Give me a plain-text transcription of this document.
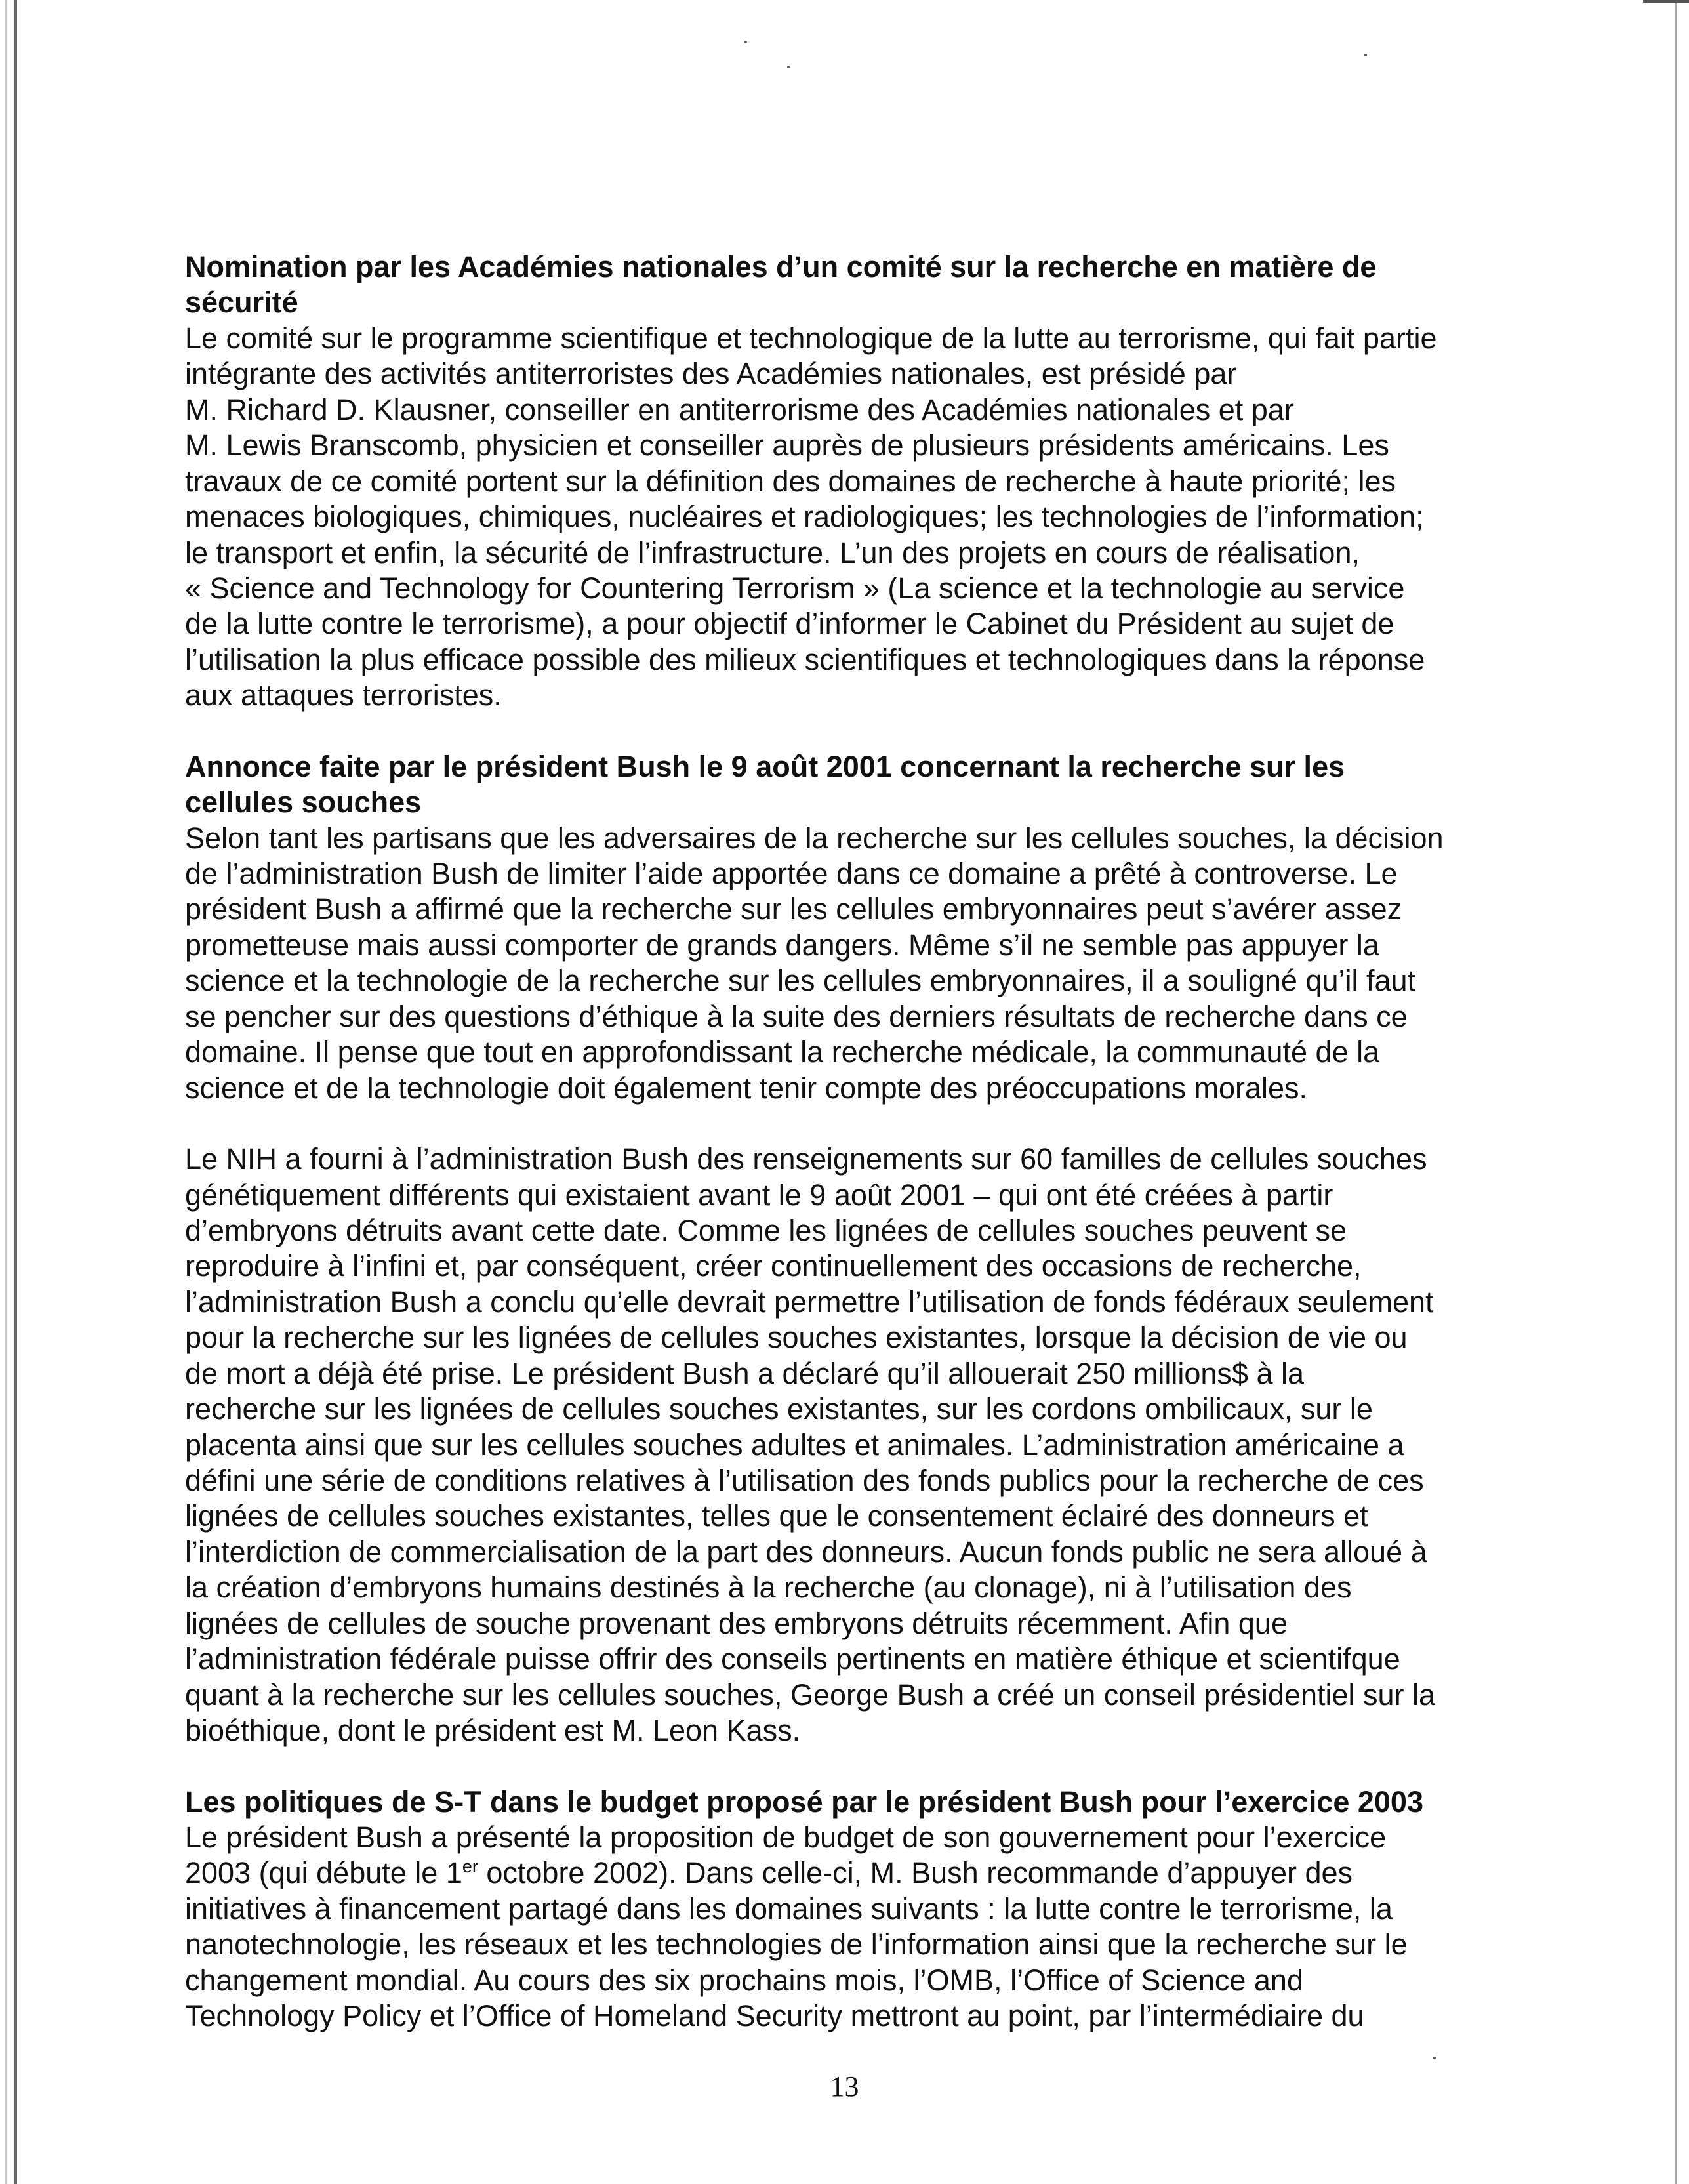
Nomination par les Académies nationales d’un comité sur la recherche en matière de
sécurité
Le comité sur le programme scientifique et technologique de la lutte au terrorisme, qui fait partie
intégrante des activités antiterroristes des Académies nationales, est présidé par
M. Richard D. Klausner, conseiller en antiterrorisme des Académies nationales et par
M. Lewis Branscomb, physicien et conseiller auprès de plusieurs présidents américains. Les
travaux de ce comité portent sur la définition des domaines de recherche à haute priorité; les
menaces biologiques, chimiques, nucléaires et radiologiques; les technologies de l’information;
le transport et enfin, la sécurité de l’infrastructure. L’un des projets en cours de réalisation,
« Science and Technology for Countering Terrorism » (La science et la technologie au service
de la lutte contre le terrorisme), a pour objectif d’informer le Cabinet du Président au sujet de
l’utilisation la plus efficace possible des milieux scientifiques et technologiques dans la réponse
aux attaques terroristes.
Annonce faite par le président Bush le 9 août 2001 concernant la recherche sur les
cellules souches
Selon tant les partisans que les adversaires de la recherche sur les cellules souches, la décision
de l’administration Bush de limiter l’aide apportée dans ce domaine a prêté à controverse. Le
président Bush a affirmé que la recherche sur les cellules embryonnaires peut s’avérer assez
prometteuse mais aussi comporter de grands dangers. Même s’il ne semble pas appuyer la
science et la technologie de la recherche sur les cellules embryonnaires, il a souligné qu’il faut
se pencher sur des questions d’éthique à la suite des derniers résultats de recherche dans ce
domaine. Il pense que tout en approfondissant la recherche médicale, la communauté de la
science et de la technologie doit également tenir compte des préoccupations morales.
Le NIH a fourni à l’administration Bush des renseignements sur 60 familles de cellules souches
génétiquement différents qui existaient avant le 9 août 2001 – qui ont été créées à partir
d’embryons détruits avant cette date. Comme les lignées de cellules souches peuvent se
reproduire à l’infini et, par conséquent, créer continuellement des occasions de recherche,
l’administration Bush a conclu qu’elle devrait permettre l’utilisation de fonds fédéraux seulement
pour la recherche sur les lignées de cellules souches existantes, lorsque la décision de vie ou
de mort a déjà été prise. Le président Bush a déclaré qu’il allouerait 250 millions$ à la
recherche sur les lignées de cellules souches existantes, sur les cordons ombilicaux, sur le
placenta ainsi que sur les cellules souches adultes et animales. L’administration américaine a
défini une série de conditions relatives à l’utilisation des fonds publics pour la recherche de ces
lignées de cellules souches existantes, telles que le consentement éclairé des donneurs et
l’interdiction de commercialisation de la part des donneurs. Aucun fonds public ne sera alloué à
la création d’embryons humains destinés à la recherche (au clonage), ni à l’utilisation des
lignées de cellules de souche provenant des embryons détruits récemment. Afin que
l’administration fédérale puisse offrir des conseils pertinents en matière éthique et scientifque
quant à la recherche sur les cellules souches, George Bush a créé un conseil présidentiel sur la
bioéthique, dont le président est M. Leon Kass.
Les politiques de S-T dans le budget proposé par le président Bush pour l’exercice 2003
Le président Bush a présenté la proposition de budget de son gouvernement pour l’exercice
2003 (qui débute le 1er octobre 2002). Dans celle-ci, M. Bush recommande d’appuyer des
initiatives à financement partagé dans les domaines suivants : la lutte contre le terrorisme, la
nanotechnologie, les réseaux et les technologies de l’information ainsi que la recherche sur le
changement mondial. Au cours des six prochains mois, l’OMB, l’Office of Science and
Technology Policy et l’Office of Homeland Security mettront au point, par l’intermédiaire du
13
